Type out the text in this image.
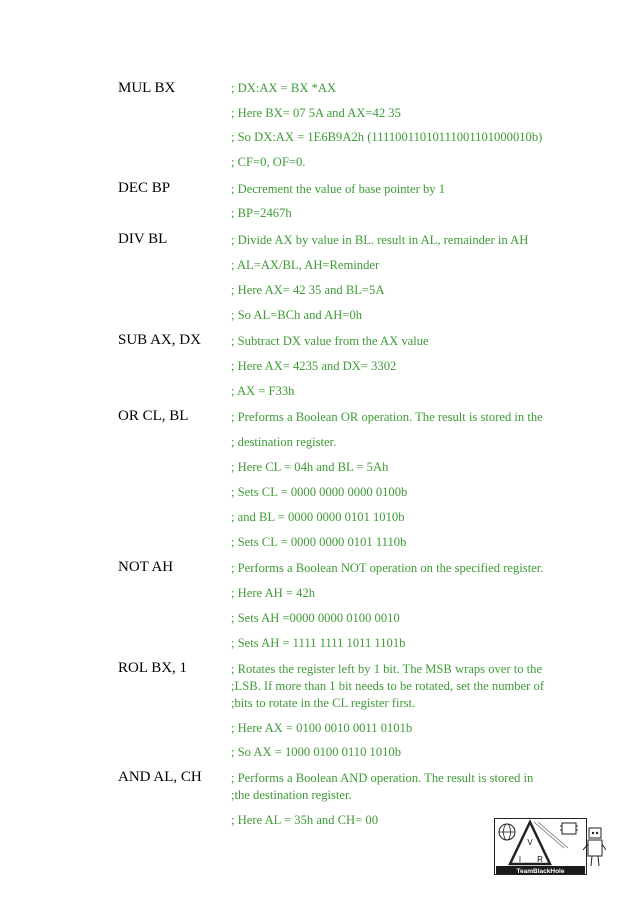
MUL BX	; DX:AX = BX *AX
; Here BX= 07 5A and AX=42 35
; So DX:AX = 1E6B9A2h (11110011010111001101000010b)
; CF=0, OF=0.
DEC BP	; Decrement the value of base pointer by 1
; BP=2467h
DIV BL	; Divide AX by value in BL. result in AL, remainder in AH
; AL=AX/BL, AH=Reminder
; Here AX= 42 35 and BL=5A
; So AL=BCh and AH=0h
SUB AX, DX ; Subtract DX value from the AX value
; Here AX= 4235 and DX= 3302
; AX = F33h
OR CL, BL	; Preforms a Boolean OR operation. The result is stored in the
; destination register.
; Here CL = 04h and BL = 5Ah
; Sets CL = 0000 0000 0000 0100b
; and BL = 0000 0000 0101 1010b
; Sets CL = 0000 0000 0101 1110b
NOT AH	; Performs a Boolean NOT operation on the specified register.
; Here AH = 42h
; Sets AH =0000 0000 0100 0010
; Sets AH = 1111 1111 1011 1101b
ROL BX, 1	; Rotates the register left by 1 bit. The MSB wraps over to the
;LSB. If more than 1 bit needs to be rotated, set the number of
;bits to rotate in the CL register first.
; Here AX = 0100 0010 0011 0101b
; So AX = 1000 0100 0110 1010b
AND AL, CH ; Performs a Boolean AND operation. The result is stored in
;the destination register.
; Here AL = 35h and CH= 00
V
I R
TeamBlackHole
